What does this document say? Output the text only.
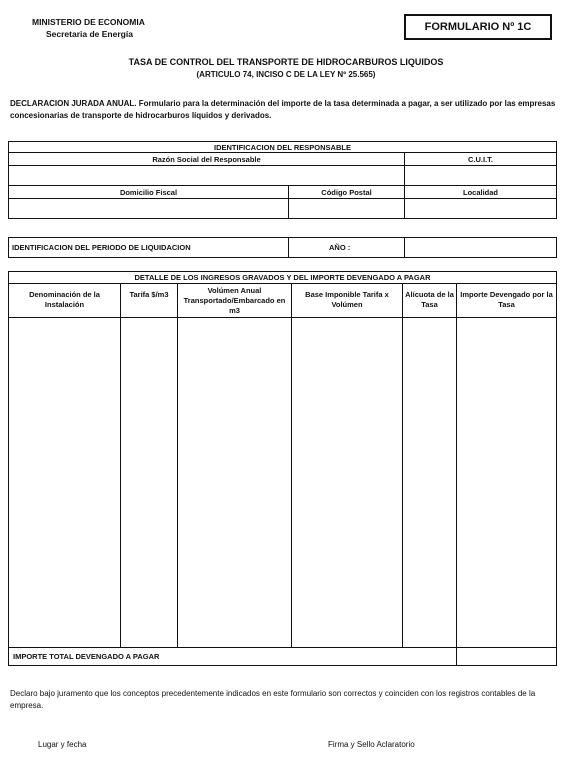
MINISTERIO DE ECONOMIA
Secretaria de Energía
FORMULARIO Nº 1C
TASA DE CONTROL DEL TRANSPORTE DE HIDROCARBUROS LIQUIDOS
(ARTICULO 74, INCISO C DE LA LEY Nº 25.565)
DECLARACION JURADA ANUAL. Formulario para la determinación del importe de la tasa determinada a pagar, a ser utilizado por las empresas concesionarias de transporte de hidrocarburos líquidos y derivados.
IDENTIFICACION DEL RESPONSABLE		
Razón Social del Responsable		C.U.I.T.

Domicilio Fiscal	Código Postal	Localidad

IDENTIFICACION DEL PERIODO DE LIQUIDACION	AÑO :	
DETALLE DE LOS INGRESOS GRAVADOS Y DEL IMPORTE DEVENGADO A PAGAR					
Denominación de la Instalación	Tarifa $/m3	Volúmen Anual Transportado/Embarcado en m3	Base Imponible Tarifa x Volúmen	Alícuota de la Tasa	Importe Devengado por la Tasa

IMPORTE TOTAL DEVENGADO A PAGAR					
Declaro bajo juramento que los conceptos precedentemente indicados en este formulario son correctos y coinciden con los registros contables de la empresa.
Lugar y fecha	Firma y Sello Aclaratorio
